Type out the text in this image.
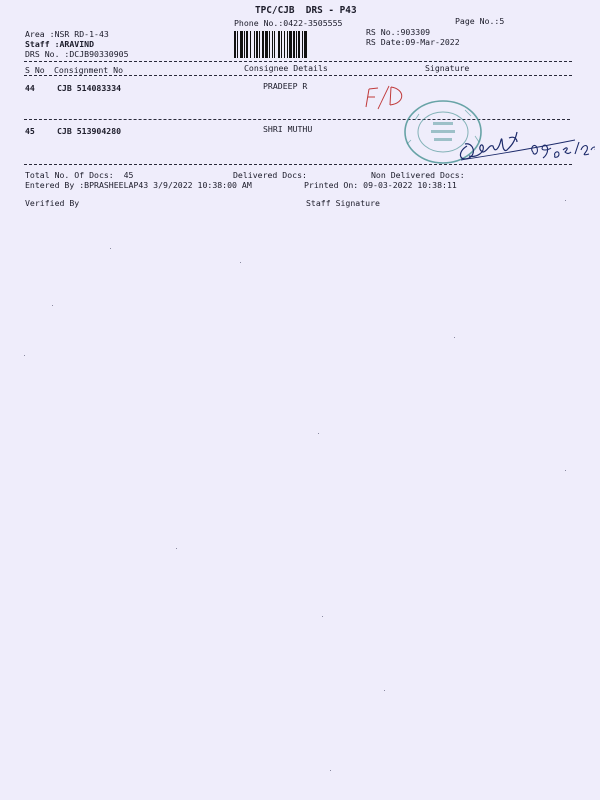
TPC/CJB  DRS - P43
Phone No.:0422-3505555	Page No.:5
Area :NSR RD-1-43
Staff :ARAVIND
DRS No. :DCJB90330905
RS No.:903309
RS Date:09-Mar-2022
S No Consignment No	Consignee Details	Signature
44	CJB 514083334	PRADEEP R
45	CJB 513904280	SHRI MUTHU
Total No. Of Docs:  45	Delivered Docs:	Non Delivered Docs:
Entered By :BPRASHEELAP43 3/9/2022 10:38:00 AM	Printed On: 09-03-2022 10:38:11
Verified By	Staff Signature
